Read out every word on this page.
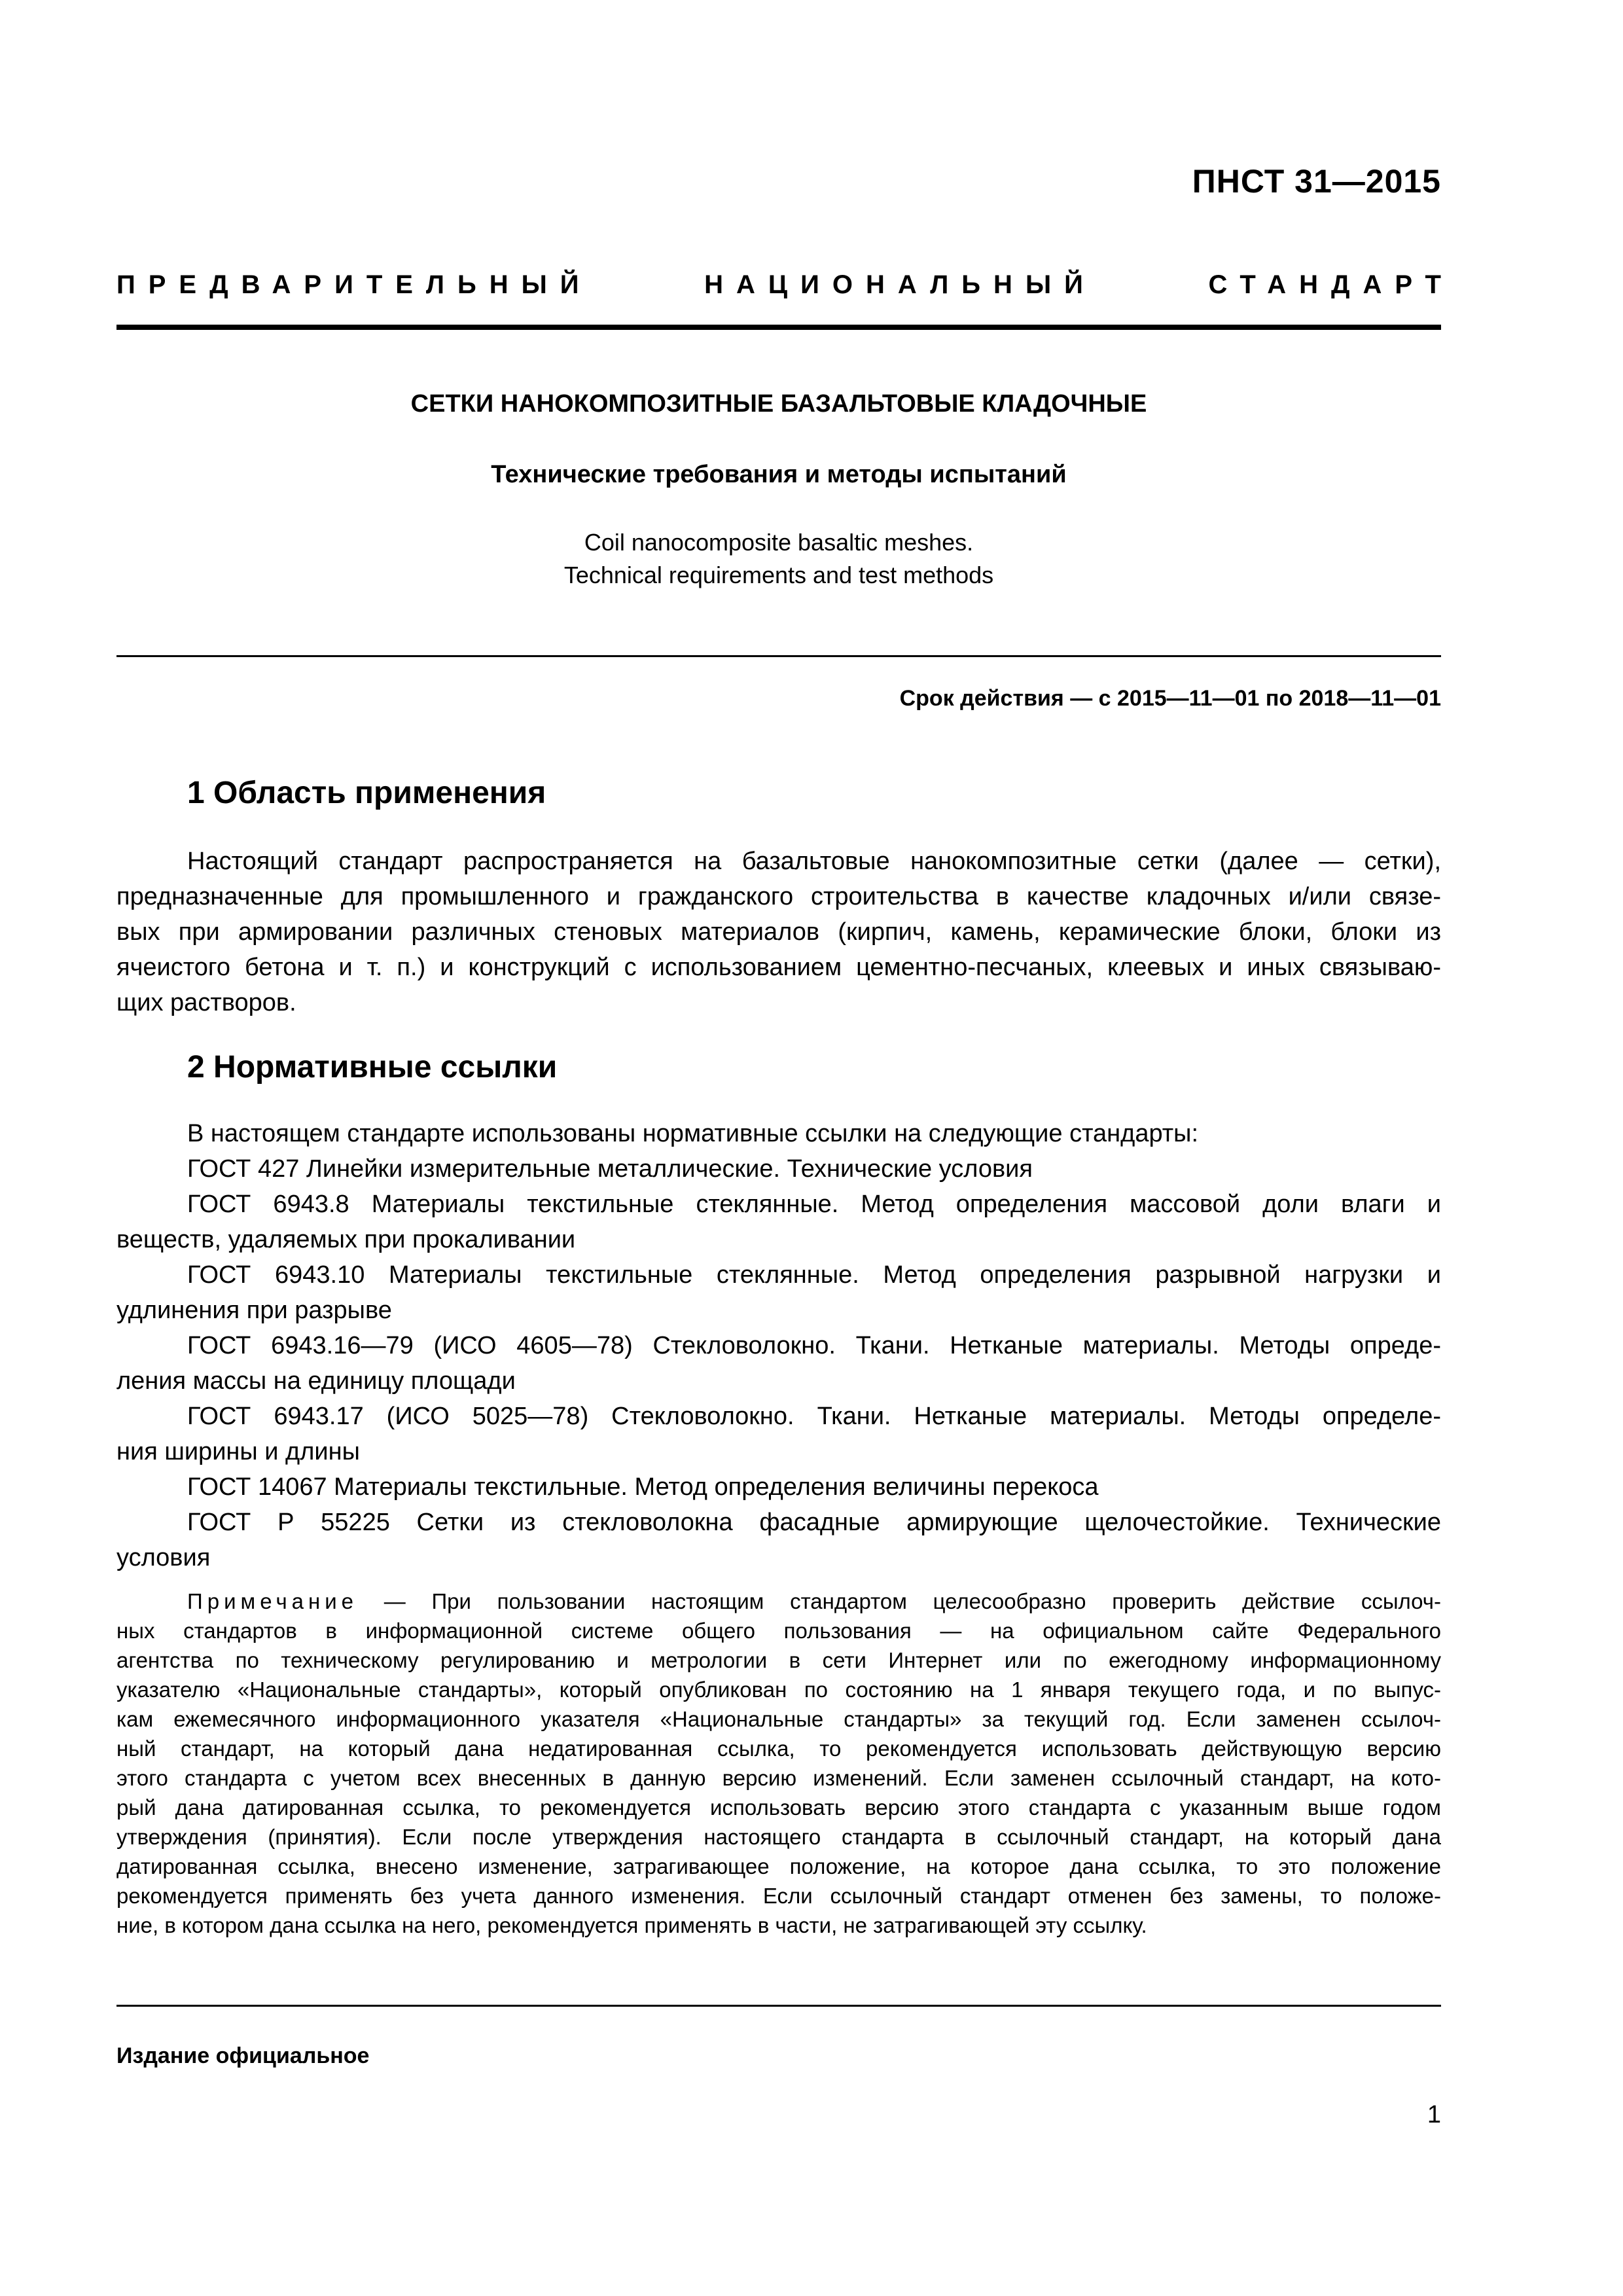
ПНСТ 31—2015
ПРЕДВАРИТЕЛЬНЫЙ	НАЦИОНАЛЬНЫЙ	СТАНДАРТ
СЕТКИ НАНОКОМПОЗИТНЫЕ БАЗАЛЬТОВЫЕ КЛАДОЧНЫЕ
Технические требования и методы испытаний
Coil nanocomposite basaltic meshes.
Technical requirements and test methods
Срок действия — с 2015—11—01 по 2018—11—01
1 Область применения
Настоящий стандарт распространяется на базальтовые нанокомпозитные сетки (далее — сетки),
предназначенные для промышленного и гражданского строительства в качестве кладочных и/или связе-
вых при армировании различных стеновых материалов (кирпич, камень, керамические блоки, блоки из
ячеистого бетона и т. п.) и конструкций с использованием цементно-песчаных, клеевых и иных связываю-
щих растворов.
2 Нормативные ссылки
В настоящем стандарте использованы нормативные ссылки на следующие стандарты:
ГОСТ 427 Линейки измерительные металлические. Технические условия
ГОСТ 6943.8 Материалы текстильные стеклянные. Метод определения массовой доли влаги и
веществ, удаляемых при прокаливании
ГОСТ 6943.10 Материалы текстильные стеклянные. Метод определения разрывной нагрузки и
удлинения при разрыве
ГОСТ 6943.16—79 (ИСО 4605—78) Стекловолокно. Ткани. Нетканые материалы. Методы опреде-
ления массы на единицу площади
ГОСТ 6943.17 (ИСО 5025—78) Стекловолокно. Ткани. Нетканые материалы. Методы определе-
ния ширины и длины
ГОСТ 14067 Материалы текстильные. Метод определения величины перекоса
ГОСТ Р 55225 Сетки из стекловолокна фасадные армирующие щелочестойкие. Технические
условия
Примечание — При пользовании настоящим стандартом целесообразно проверить действие ссылоч-
ных стандартов в информационной системе общего пользования — на официальном сайте Федерального
агентства по техническому регулированию и метрологии в сети Интернет или по ежегодному информационному
указателю «Национальные стандарты», который опубликован по состоянию на 1 января текущего года, и по выпус-
кам ежемесячного информационного указателя «Национальные стандарты» за текущий год. Если заменен ссылоч-
ный стандарт, на который дана недатированная ссылка, то рекомендуется использовать действующую версию
этого стандарта с учетом всех внесенных в данную версию изменений. Если заменен ссылочный стандарт, на кото-
рый дана датированная ссылка, то рекомендуется использовать версию этого стандарта с указанным выше годом
утверждения (принятия). Если после утверждения настоящего стандарта в ссылочный стандарт, на который дана
датированная ссылка, внесено изменение, затрагивающее положение, на которое дана ссылка, то это положение
рекомендуется применять без учета данного изменения. Если ссылочный стандарт отменен без замены, то положе-
ние, в котором дана ссылка на него, рекомендуется применять в части, не затрагивающей эту ссылку.
Издание официальное
1
